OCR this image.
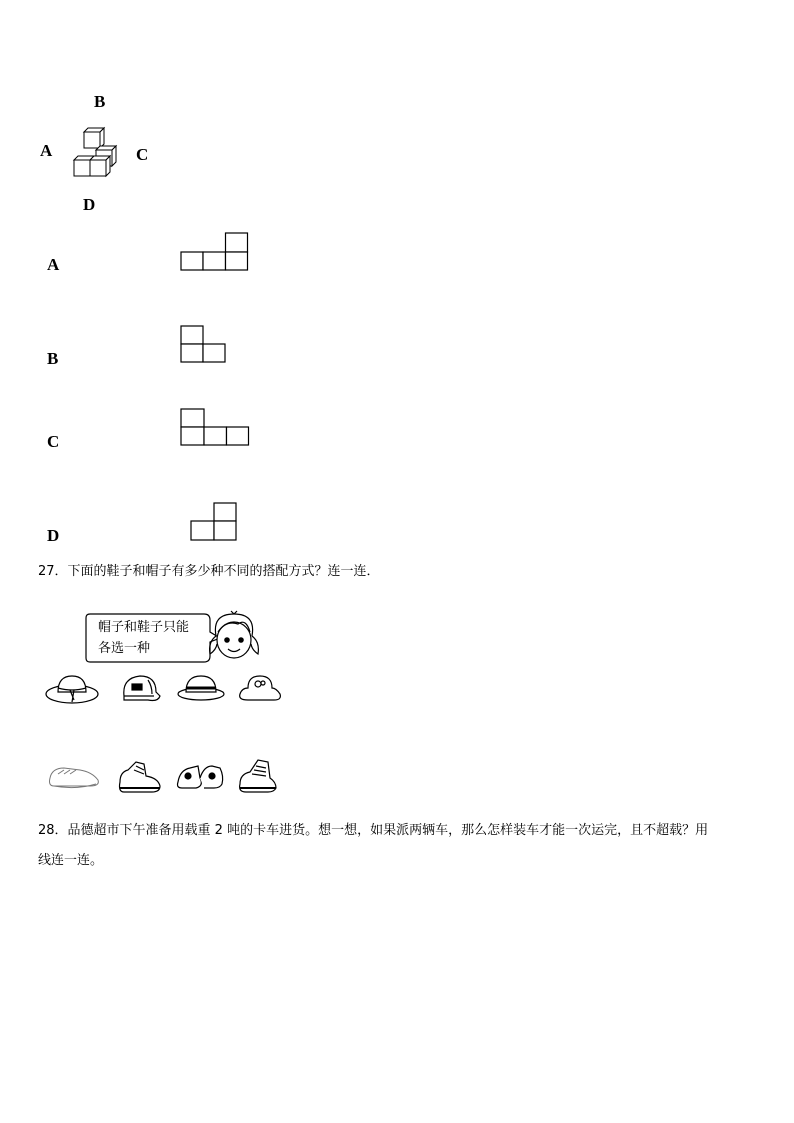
B
A	C
D
A
B
C
D
27．下面的鞋子和帽子有多少种不同的搭配方式？连一连．
帽子和鞋子只能
各选一种
28．品德超市下午准备用载重 2 吨的卡车进货。想一想，如果派两辆车，那么怎样装车才能一次运完，且不超载？用
线连一连。
